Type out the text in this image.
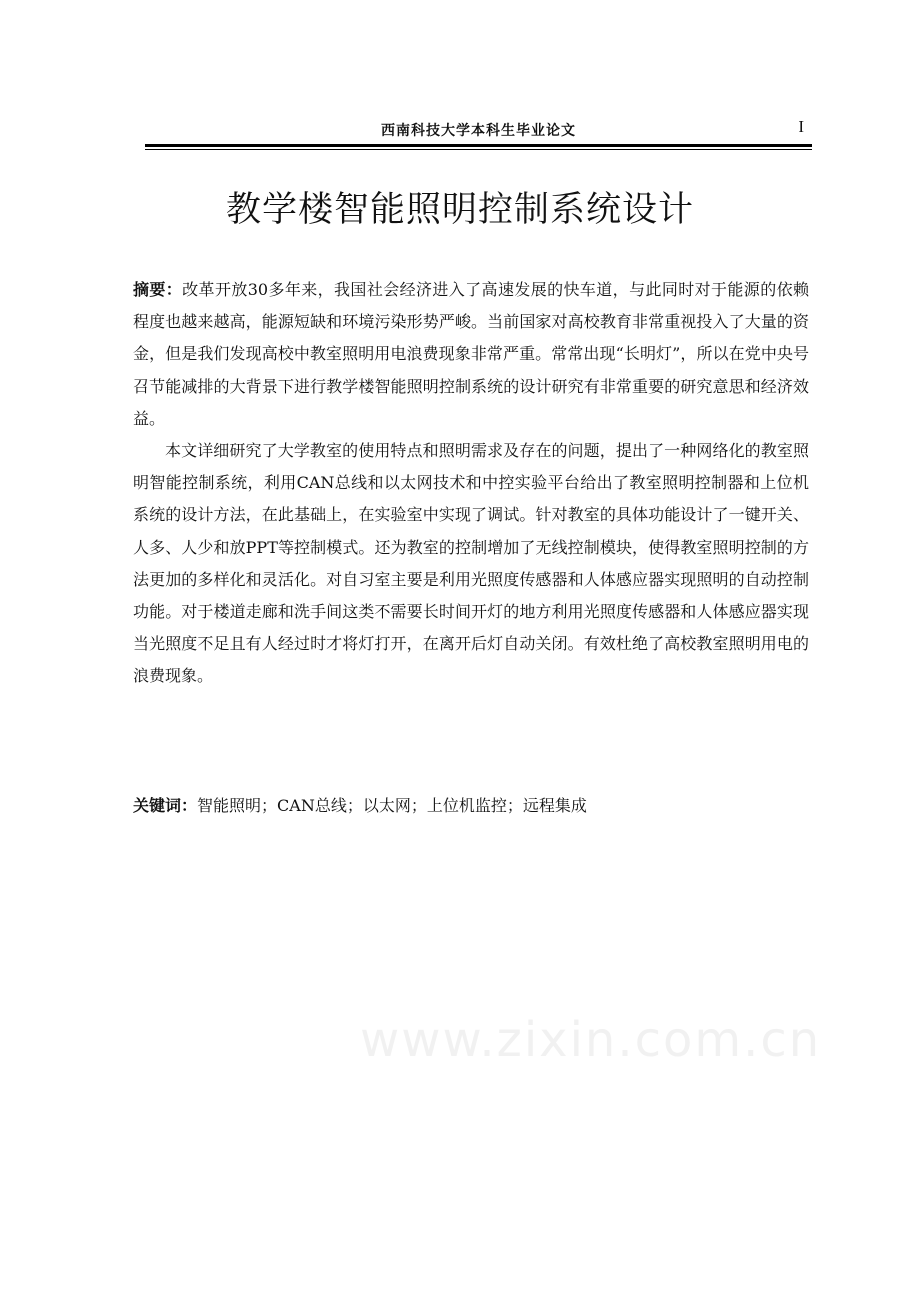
西南科技大学本科生毕业论文	I
教学楼智能照明控制系统设计

摘要：改革开放30多年来，我国社会经济进入了高速发展的快车道，与此同时对于能源的依赖程度也越来越高，能源短缺和环境污染形势严峻。当前国家对高校教育非常重视投入了大量的资金，但是我们发现高校中教室照明用电浪费现象非常严重。常常出现“长明灯”，所以在党中央号召节能减排的大背景下进行教学楼智能照明控制系统的设计研究有非常重要的研究意思和经济效益。

本文详细研究了大学教室的使用特点和照明需求及存在的问题，提出了一种网络化的教室照明智能控制系统，利用CAN总线和以太网技术和中控实验平台给出了教室照明控制器和上位机系统的设计方法，在此基础上，在实验室中实现了调试。针对教室的具体功能设计了一键开关、人多、人少和放PPT等控制模式。还为教室的控制增加了无线控制模块，使得教室照明控制的方法更加的多样化和灵活化。对自习室主要是利用光照度传感器和人体感应器实现照明的自动控制功能。对于楼道走廊和洗手间这类不需要长时间开灯的地方利用光照度传感器和人体感应器实现当光照度不足且有人经过时才将灯打开，在离开后灯自动关闭。有效杜绝了高校教室照明用电的浪费现象。

关键词：智能照明；CAN总线；以太网；上位机监控；远程集成
www.zixin.com.cn
